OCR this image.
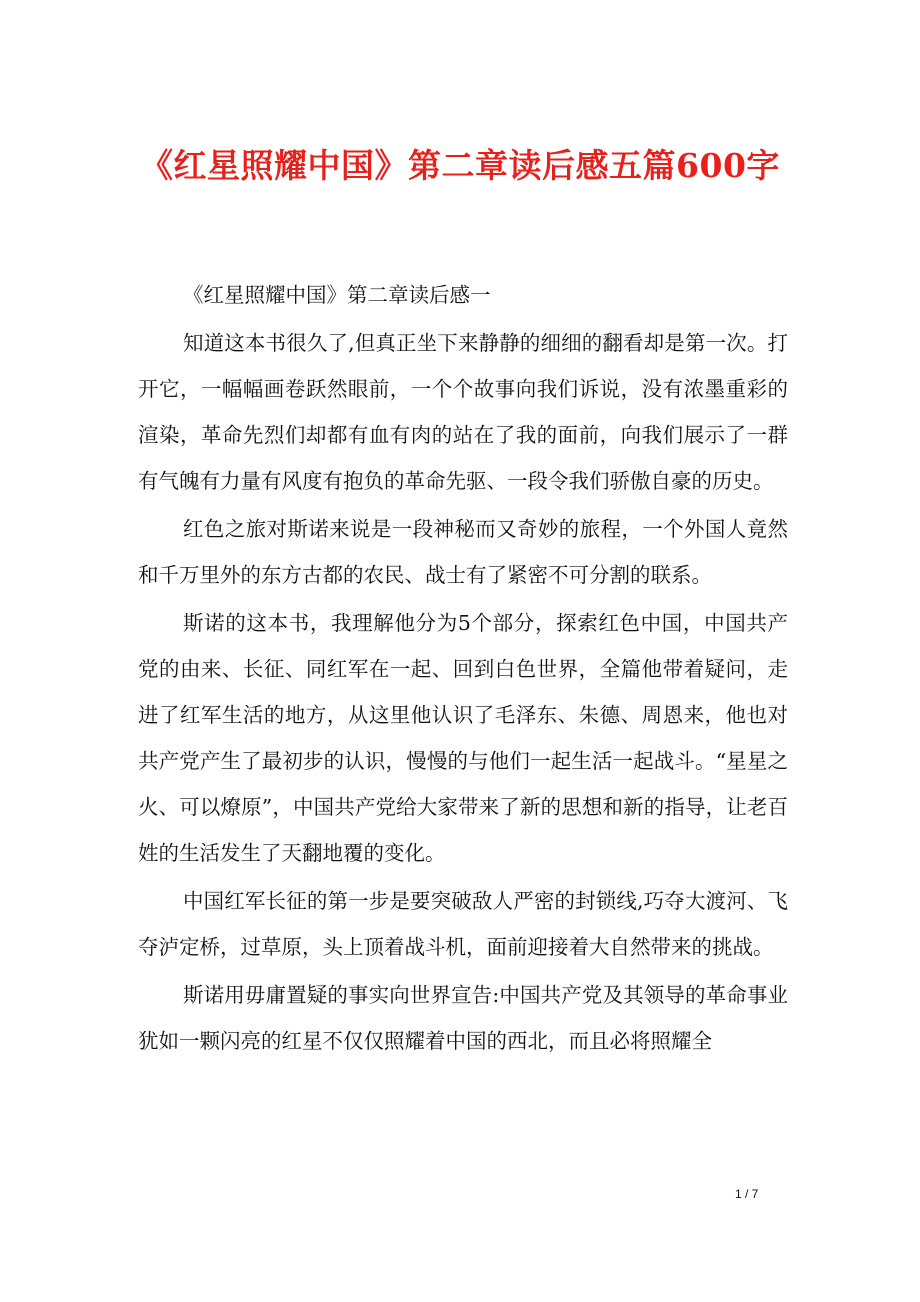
《红星照耀中国》第二章读后感五篇600字

《红星照耀中国》第二章读后感一

知道这本书很久了,但真正坐下来静静的细细的翻看却是第一次。打开它，一幅幅画卷跃然眼前，一个个故事向我们诉说，没有浓墨重彩的渲染，革命先烈们却都有血有肉的站在了我的面前，向我们展示了一群有气魄有力量有风度有抱负的革命先驱、一段令我们骄傲自豪的历史。

红色之旅对斯诺来说是一段神秘而又奇妙的旅程，一个外国人竟然和千万里外的东方古都的农民、战士有了紧密不可分割的联系。

斯诺的这本书，我理解他分为5个部分，探索红色中国，中国共产党的由来、长征、同红军在一起、回到白色世界，全篇他带着疑问，走进了红军生活的地方，从这里他认识了毛泽东、朱德、周恩来，他也对共产党产生了最初步的认识，慢慢的与他们一起生活一起战斗。“星星之火、可以燎原”，中国共产党给大家带来了新的思想和新的指导，让老百姓的生活发生了天翻地覆的变化。

中国红军长征的第一步是要突破敌人严密的封锁线,巧夺大渡河、飞夺泸定桥，过草原，头上顶着战斗机，面前迎接着大自然带来的挑战。

斯诺用毋庸置疑的事实向世界宣告:中国共产党及其领导的革命事业犹如一颗闪亮的红星不仅仅照耀着中国的西北，而且必将照耀全

1 / 7
